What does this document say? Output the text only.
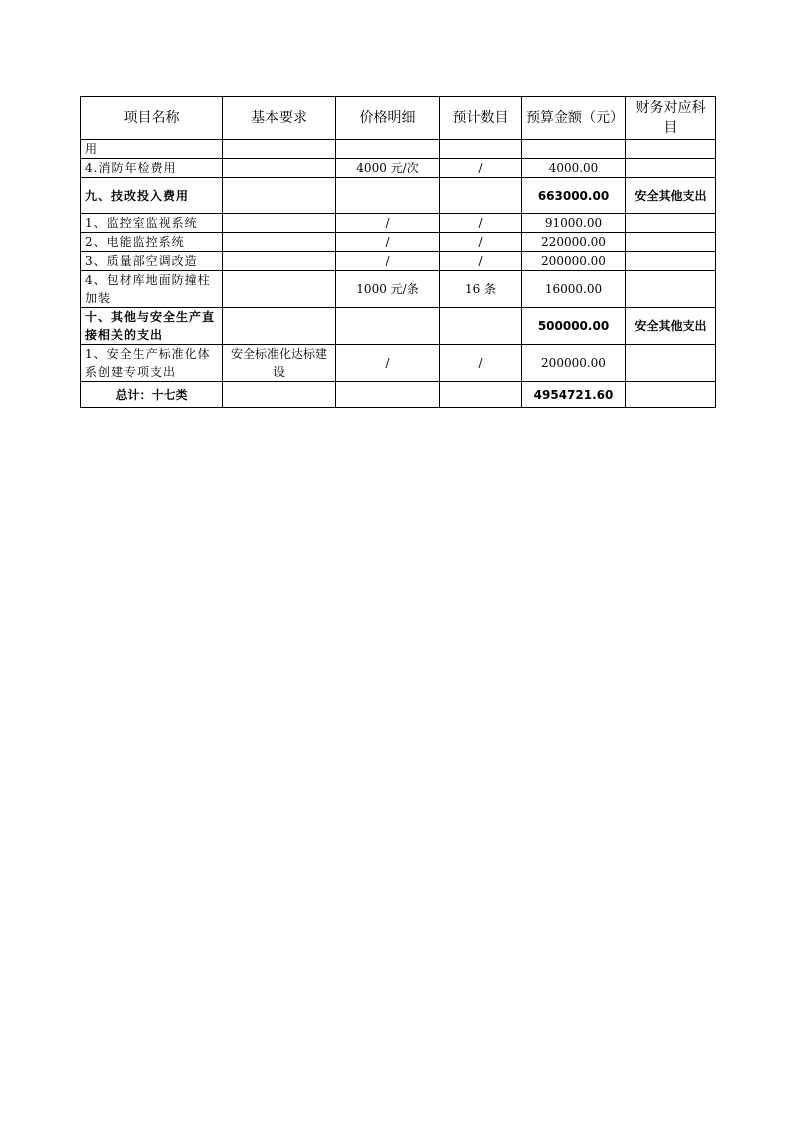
项目名称	基本要求	价格明细	预计数目	预算金额（元）	财务对应科目
用					
4.消防年检费用		4000 元/次	/	4000.00	
九、技改投入费用				663000.00	安全其他支出
1、监控室监视系统		/	/	91000.00	
2、电能监控系统		/	/	220000.00	
3、质量部空调改造		/	/	200000.00	
4、包材库地面防撞柱加装		1000 元/条	16 条	16000.00	
十、其他与安全生产直接相关的支出				500000.00	安全其他支出
1、安全生产标准化体系创建专项支出	安全标准化达标建设	/	/	200000.00	
总计：十七类				4954721.60	
